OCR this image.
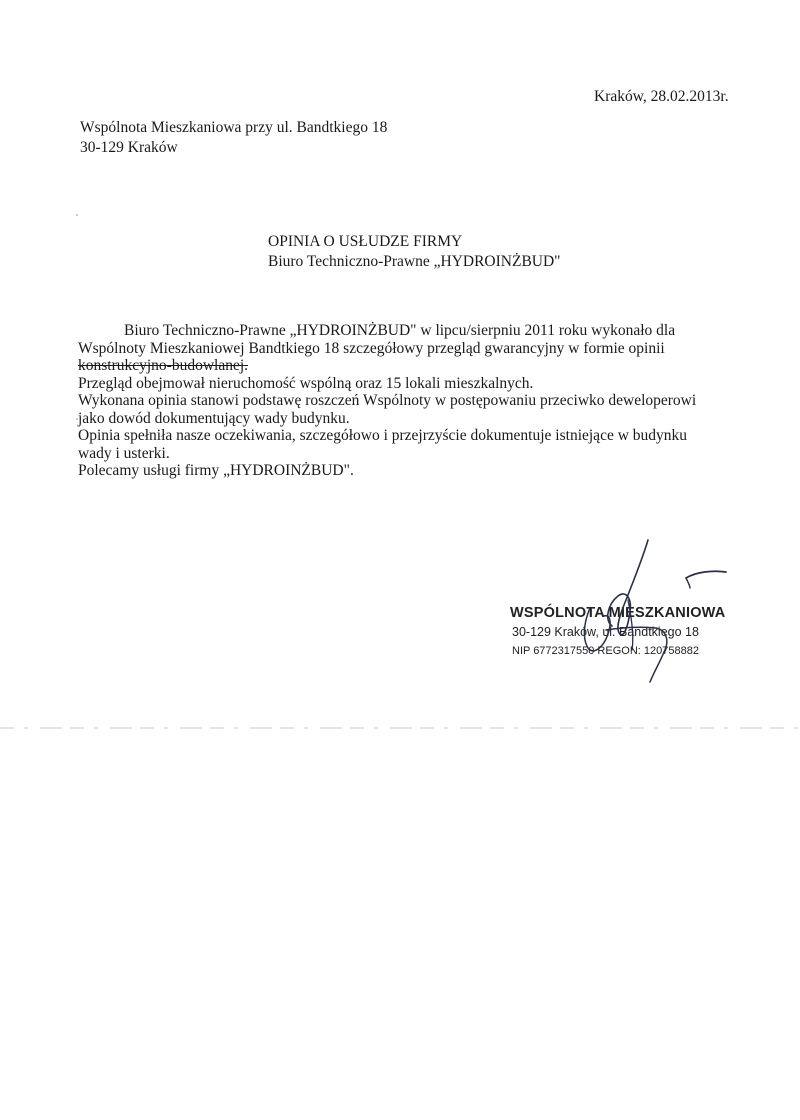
Kraków, 28.02.2013r.
Wspólnota Mieszkaniowa przy ul. Bandtkiego 18
30-129 Kraków
OPINIA O USŁUDZE FIRMY
Biuro Techniczno-Prawne „HYDROINŻBUD"

Biuro Techniczno-Prawne „HYDROINŻBUD" w lipcu/sierpniu 2011 roku wykonało dla Wspólnoty Mieszkaniowej Bandtkiego 18 szczegółowy przegląd gwarancyjny w formie opinii konstrukcyjno-budowlanej.

Przegląd obejmował nieruchomość wspólną oraz 15 lokali mieszkalnych.

Wykonana opinia stanowi podstawę roszczeń Wspólnoty w postępowaniu przeciwko deweloperowi jako dowód dokumentujący wady budynku.

Opinia spełniła nasze oczekiwania, szczegółowo i przejrzyście dokumentuje istniejące w budynku wady i usterki.

Polecamy usługi firmy „HYDROINŻBUD".

WSPÓLNOTA MIESZKANIOWA
30-129 Kraków, ul. Bandtkiego 18
NIP 6772317550 REGON: 120758882
